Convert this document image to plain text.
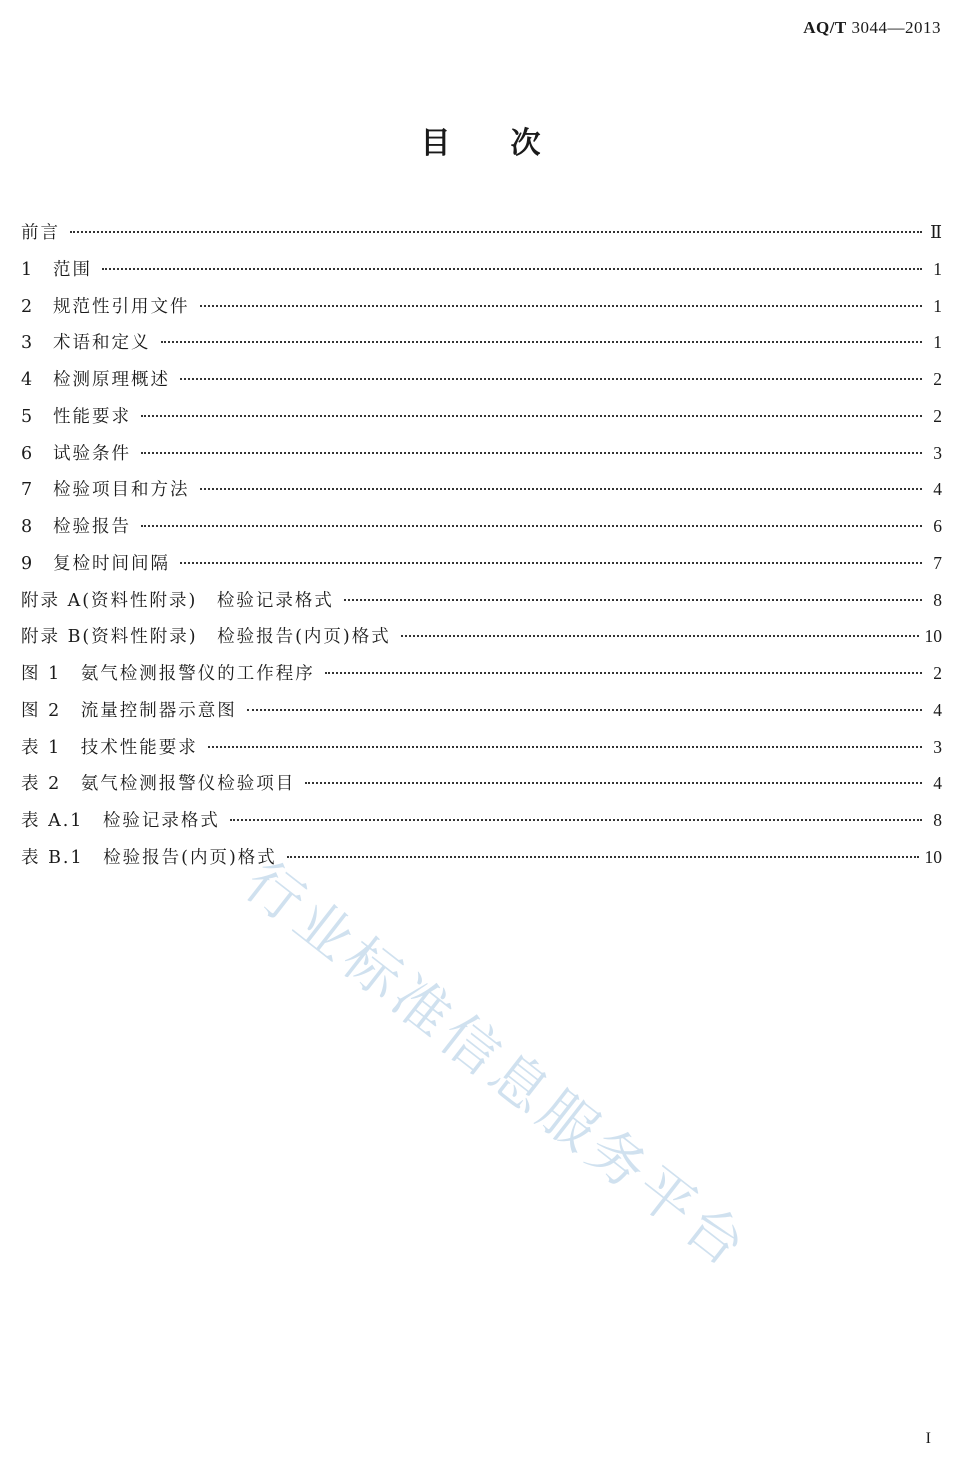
AQ/T 3044—2013
目次
前言	Ⅱ
1	范围	1
2	规范性引用文件	1
3	术语和定义	1
4	检测原理概述	2
5	性能要求	2
6	试验条件	3
7	检验项目和方法	4
8	检验报告	6
9	复检时间间隔	7
附录 A(资料性附录)　检验记录格式	8
附录 B(资料性附录)　检验报告(内页)格式	10
图 1　氨气检测报警仪的工作程序	2
图 2　流量控制器示意图	4
表 1　技术性能要求	3
表 2　氨气检测报警仪检验项目	4
表 A.1　检验记录格式	8
表 B.1　检验报告(内页)格式	10
行业标准信息服务平台
I
